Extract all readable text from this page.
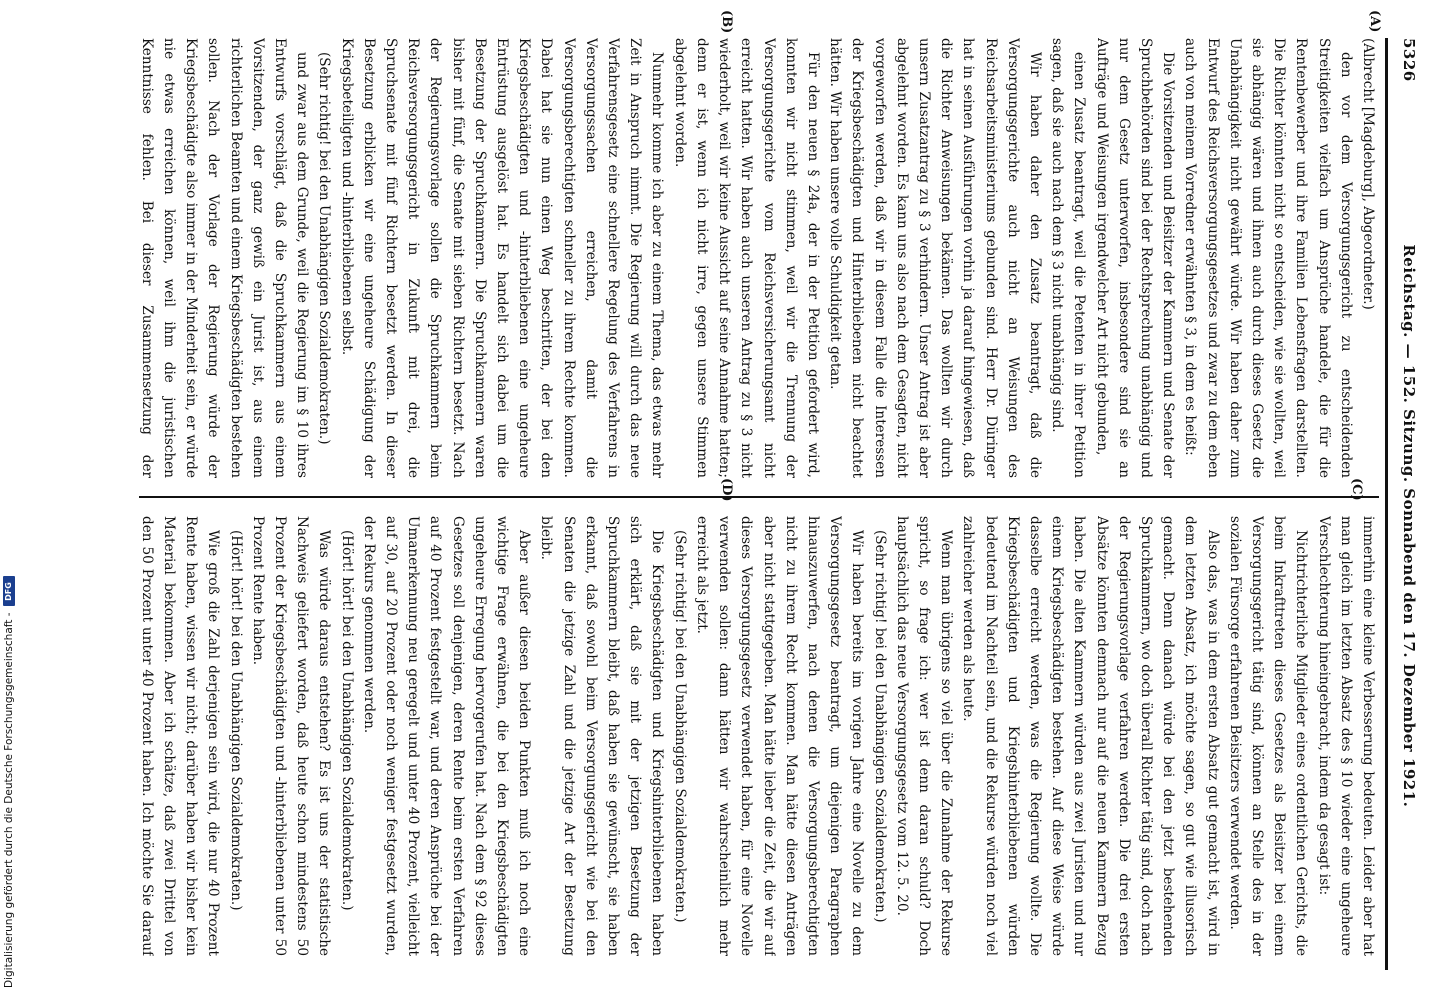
5326
Reichstag. — 152. Sitzung. Sonnabend den 17. Dezember 1921.

(Albrecht [Magdeburg], Abgeordneter.)

den vor dem Versorgungsgericht zu entscheidenden Streitigkeiten vielfach um Ansprüche handele, die für die Rentenbewerber und ihre Familien Lebensfragen darstellten. Die Richter könnten nicht so entscheiden, wie sie wollten, weil sie abhängig wären und ihnen auch durch dieses Gesetz die Unabhängigkeit nicht gewährt würde. Wir haben daher zum Entwurf des Reichsversorgungsgesetzes und zwar zu dem eben auch von meinem Vorredner erwähnten § 3, in dem es heißt:

Die Vorsitzenden und Beisitzer der Kammern und Senate der Spruchbehörden sind bei der Rechtsprechung unabhängig und nur dem Gesetz unterworfen, insbesondere sind sie an Aufträge und Weisungen irgendwelcher Art nicht gebunden,

einen Zusatz beantragt, weil die Petenten in ihrer Petition sagen, daß sie auch nach dem § 3 nicht unabhängig sind.

Wir haben daher den Zusatz beantragt, daß die Versorgungsgerichte auch nicht an Weisungen des Reichsarbeitsministeriums gebunden sind. Herr Dr. Düringer hat in seinen Ausführungen vorhin ja darauf hingewiesen, daß die Richter Anweisungen bekämen. Das wollten wir durch unsern Zusatzantrag zu § 3 verhindern. Unser Antrag ist aber abgelehnt worden. Es kann uns also nach dem Gesagten, nicht vorgeworfen werden, daß wir in diesem Falle die Interessen der Kriegsbeschädigten und Hinterbliebenen nicht beachtet hätten. Wir haben unsere volle Schuldigkeit getan.

Für den neuen § 24a, der in der Petition gefordert wird, konnten wir nicht stimmen, weil wir die Trennung der Versorgungsgerichte vom Reichsversicherungsamt nicht erreicht hatten. Wir haben auch unseren Antrag zu § 3 nicht wiederholt, weil wir keine Aussicht auf seine Annahme hatten; denn er ist, wenn ich nicht irre, gegen unsere Stimmen abgelehnt worden.

Nunmehr komme ich aber zu einem Thema, das etwas mehr Zeit in Anspruch nimmt. Die Regierung will durch das neue Verfahrensgesetz eine schnellere Regelung des Verfahrens in Versorgungssachen erreichen, damit die Versorgungsberechtigten schneller zu ihrem Rechte kommen. Dabei hat sie nun einen Weg beschritten, der bei den Kriegsbeschädigten und -hinterbliebenen eine ungeheure Entrüstung ausgelöst hat. Es handelt sich dabei um die Besetzung der Spruchkammern. Die Spruchkammern waren bisher mit fünf, die Senate mit sieben Richtern besetzt. Nach der Regierungsvorlage sollen die Spruchkammern beim Reichsversorgungsgericht in Zukunft mit drei, die Spruchsenate mit fünf Richtern besetzt werden. In dieser Besetzung erblicken wir eine ungeheure Schädigung der Kriegsbeteiligten und -hinterbliebenen selbst.

(Sehr richtig! bei den Unabhängigen Sozialdemokraten.)

und zwar aus dem Grunde, weil die Regierung im § 10 ihres Entwurfs vorschlägt, daß die Spruchkammern aus einem Vorsitzenden, der ganz gewiß ein Jurist ist, aus einem richterlichen Beamten und einem Kriegsbeschädigten bestehen sollen. Nach der Vorlage der Regierung würde der Kriegsbeschädigte also immer in der Minderheit sein, er würde nie etwas erreichen können, weil ihm die juristischen Kenntnisse fehlen. Bei dieser Zusammensetzung der

immerhin eine kleine Verbesserung bedeuten. Leider aber hat man gleich im letzten Absatz des § 10 wieder eine ungeheure Verschlechterung hineingebracht, indem da gesagt ist:

Nichtrichterliche Mitglieder eines ordentlichen Gerichts, die beim Inkrafttreten dieses Gesetzes als Beisitzer bei einem Versorgungsgericht tätig sind, können an Stelle des in der sozialen Fürsorge erfahrenen Beisitzers verwendet werden.

Also das, was in dem ersten Absatz gut gemacht ist, wird in dem letzten Absatz, ich möchte sagen, so gut wie illusorisch gemacht. Denn danach würde bei den jetzt bestehenden Spruchkammern, wo doch überall Richter tätig sind, doch nach der Regierungsvorlage verfahren werden. Die drei ersten Absätze könnten demnach nur auf die neuen Kammern Bezug haben. Die alten Kammern würden aus zwei Juristen und nur einem Kriegsbeschädigten bestehen. Auf diese Weise würde dasselbe erreicht werden, was die Regierung wollte. Die Kriegsbeschädigten und Kriegshinterbliebenen würden bedeutend im Nachteil sein, und die Rekurse würden noch viel zahlreicher werden als heute.

Wenn man übrigens so viel über die Zunahme der Rekurse spricht, so frage ich: wer ist denn daran schuld? Doch hauptsächlich das neue Versorgungsgesetz vom 12. 5. 20.

(Sehr richtig! bei den Unabhängigen Sozialdemokraten.)

Wir haben bereits im vorigen Jahre eine Novelle zu dem Versorgungsgesetz beantragt, um diejenigen Paragraphen hinauszuwerfen, nach denen die Versorgungsberechtigten nicht zu ihrem Recht kommen. Man hätte diesen Anträgen aber nicht stattgegeben. Man hätte lieber die Zeit, die wir auf dieses Versorgungsgesetz verwendet haben, für eine Novelle verwenden sollen: dann hätten wir wahrscheinlich mehr erreicht als jetzt.

(Sehr richtig! bei den Unabhängigen Sozialdemokraten.)

Die Kriegsbeschädigten und Kriegshinterbliebenen haben sich erklärt, daß sie mit der jetzigen Besetzung der Spruchkammern bleibt, daß haben sie gewünscht, sie haben erkannt, daß sowohl beim Versorgungsgericht wie bei den Senaten die jetzige Zahl und die jetzige Art der Besetzung bleibt.

Aber außer diesen beiden Punkten muß ich noch eine wichtige Frage erwähnen, die bei den Kriegsbeschädigten ungeheure Erregung hervorgerufen hat. Nach dem § 92 dieses Gesetzes soll denjenigen, deren Rente beim ersten Verfahren auf 40 Prozent festgestellt war, und deren Ansprüche bei der Umanerkennung neu geregelt und unter 40 Prozent, vielleicht auf 30, auf 20 Prozent oder noch weniger festgesetzt wurden, der Rekurs genommen werden.

(Hört! hört! bei den Unabhängigen Sozialdemokraten.)

Was würde daraus entstehen? Es ist uns der statistische Nachweis geliefert worden, daß heute schon mindestens 50 Prozent der Kriegsbeschädigten und -hinterbliebenen unter 50 Prozent Rente haben.

(Hört! hört! bei den Unabhängigen Sozialdemokraten.)

Wie groß die Zahl derjenigen sein wird, die nur 40 Prozent Rente haben, wissen wir nicht; darüber haben wir bisher kein Material bekommen. Aber ich schätze, daß zwei Drittel von den 50 Prozent unter 40 Prozent haben. Ich möchte Sie darauf

(A)
(B)
(C)
(D)
Digitalisierung gefördert durch die Deutsche Forschungsgemeinschaft -
DFG
